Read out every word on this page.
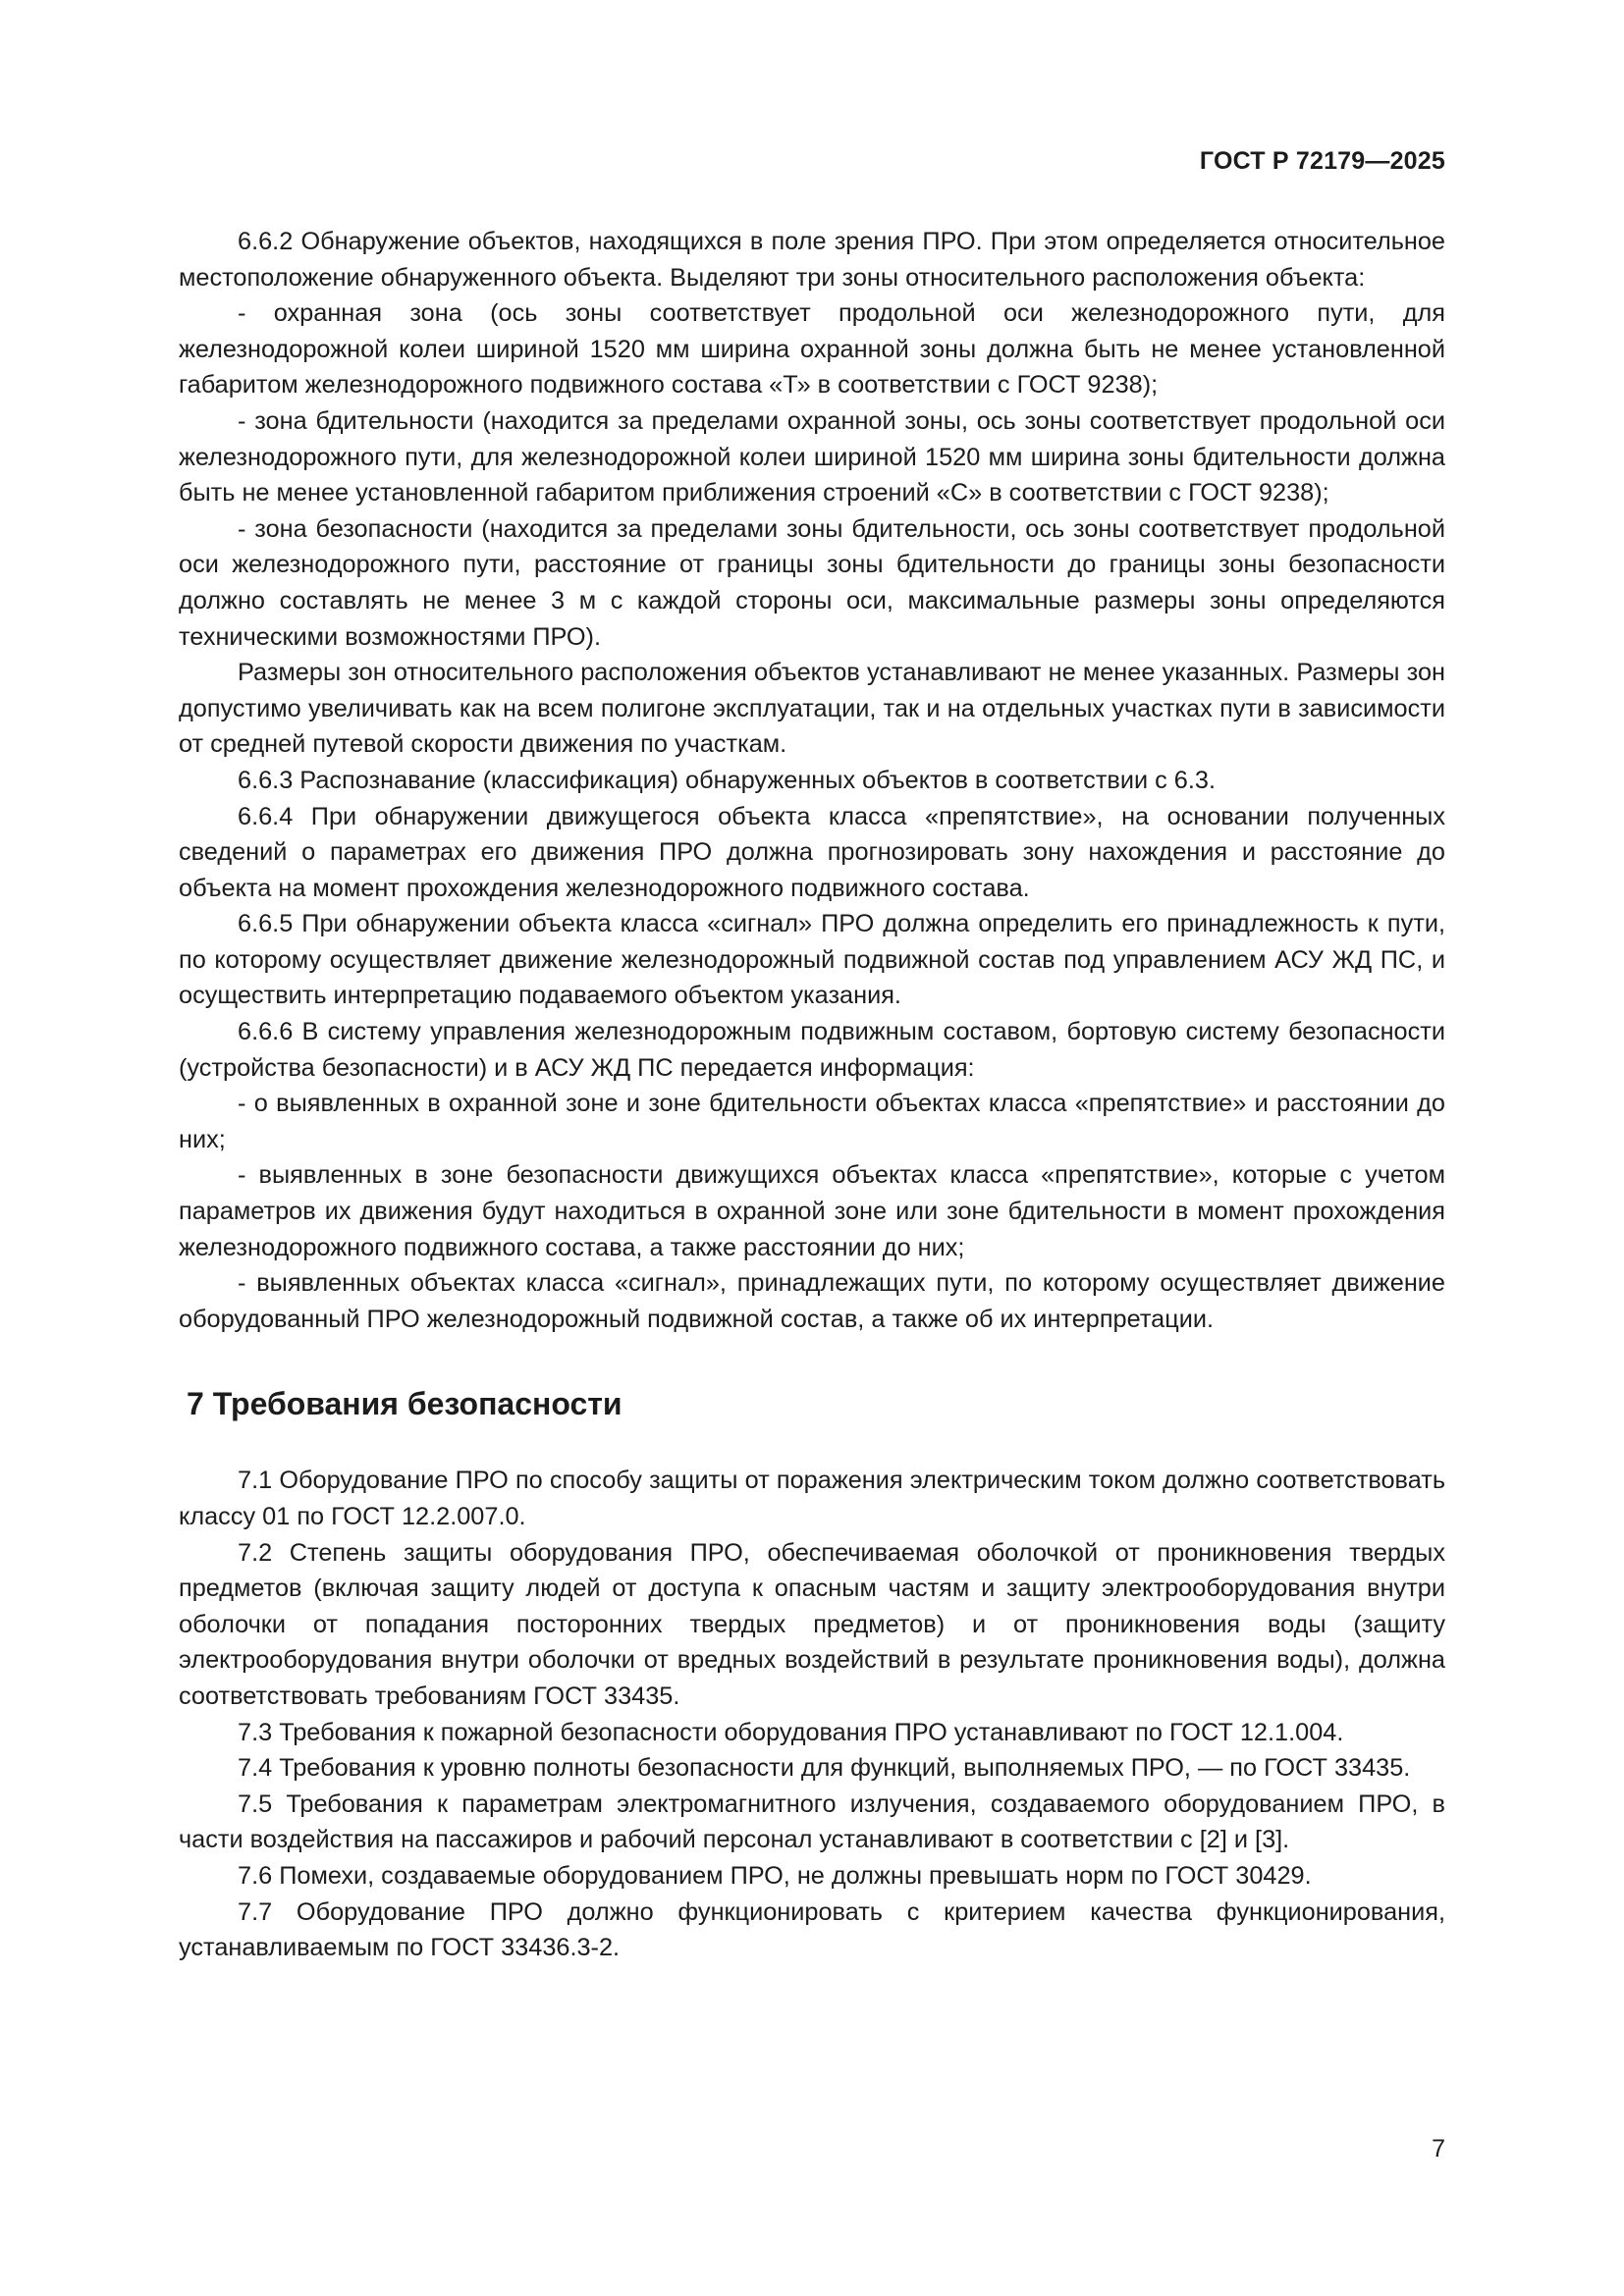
ГОСТ Р 72179—2025

6.6.2 Обнаружение объектов, находящихся в поле зрения ПРО. При этом определяется относительное местоположение обнаруженного объекта. Выделяют три зоны относительного расположения объекта:

- охранная зона (ось зоны соответствует продольной оси железнодорожного пути, для железнодорожной колеи шириной 1520 мм ширина охранной зоны должна быть не менее установленной габаритом железнодорожного подвижного состава «Т» в соответствии с ГОСТ 9238);

- зона бдительности (находится за пределами охранной зоны, ось зоны соответствует продольной оси железнодорожного пути, для железнодорожной колеи шириной 1520 мм ширина зоны бдительности должна быть не менее установленной габаритом приближения строений «С» в соответствии с ГОСТ 9238);

- зона безопасности (находится за пределами зоны бдительности, ось зоны соответствует продольной оси железнодорожного пути, расстояние от границы зоны бдительности до границы зоны безопасности должно составлять не менее 3 м с каждой стороны оси, максимальные размеры зоны определяются техническими возможностями ПРО).

Размеры зон относительного расположения объектов устанавливают не менее указанных. Размеры зон допустимо увеличивать как на всем полигоне эксплуатации, так и на отдельных участках пути в зависимости от средней путевой скорости движения по участкам.

6.6.3 Распознавание (классификация) обнаруженных объектов в соответствии с 6.3.

6.6.4 При обнаружении движущегося объекта класса «препятствие», на основании полученных сведений о параметрах его движения ПРО должна прогнозировать зону нахождения и расстояние до объекта на момент прохождения железнодорожного подвижного состава.

6.6.5 При обнаружении объекта класса «сигнал» ПРО должна определить его принадлежность к пути, по которому осуществляет движение железнодорожный подвижной состав под управлением АСУ ЖД ПС, и осуществить интерпретацию подаваемого объектом указания.

6.6.6 В систему управления железнодорожным подвижным составом, бортовую систему безопасности (устройства безопасности) и в АСУ ЖД ПС передается информация:

- о выявленных в охранной зоне и зоне бдительности объектах класса «препятствие» и расстоянии до них;

- выявленных в зоне безопасности движущихся объектах класса «препятствие», которые с учетом параметров их движения будут находиться в охранной зоне или зоне бдительности в момент прохождения железнодорожного подвижного состава, а также расстоянии до них;

- выявленных объектах класса «сигнал», принадлежащих пути, по которому осуществляет движение оборудованный ПРО железнодорожный подвижной состав, а также об их интерпретации.

7 Требования безопасности

7.1 Оборудование ПРО по способу защиты от поражения электрическим током должно соответствовать классу 01 по ГОСТ 12.2.007.0.

7.2 Степень защиты оборудования ПРО, обеспечиваемая оболочкой от проникновения твердых предметов (включая защиту людей от доступа к опасным частям и защиту электрооборудования внутри оболочки от попадания посторонних твердых предметов) и от проникновения воды (защиту электрооборудования внутри оболочки от вредных воздействий в результате проникновения воды), должна соответствовать требованиям ГОСТ 33435.

7.3 Требования к пожарной безопасности оборудования ПРО устанавливают по ГОСТ 12.1.004.

7.4 Требования к уровню полноты безопасности для функций, выполняемых ПРО, — по ГОСТ 33435.

7.5 Требования к параметрам электромагнитного излучения, создаваемого оборудованием ПРО, в части воздействия на пассажиров и рабочий персонал устанавливают в соответствии с [2] и [3].

7.6 Помехи, создаваемые оборудованием ПРО, не должны превышать норм по ГОСТ 30429.

7.7 Оборудование ПРО должно функционировать с критерием качества функционирования, устанавливаемым по ГОСТ 33436.3-2.

7
